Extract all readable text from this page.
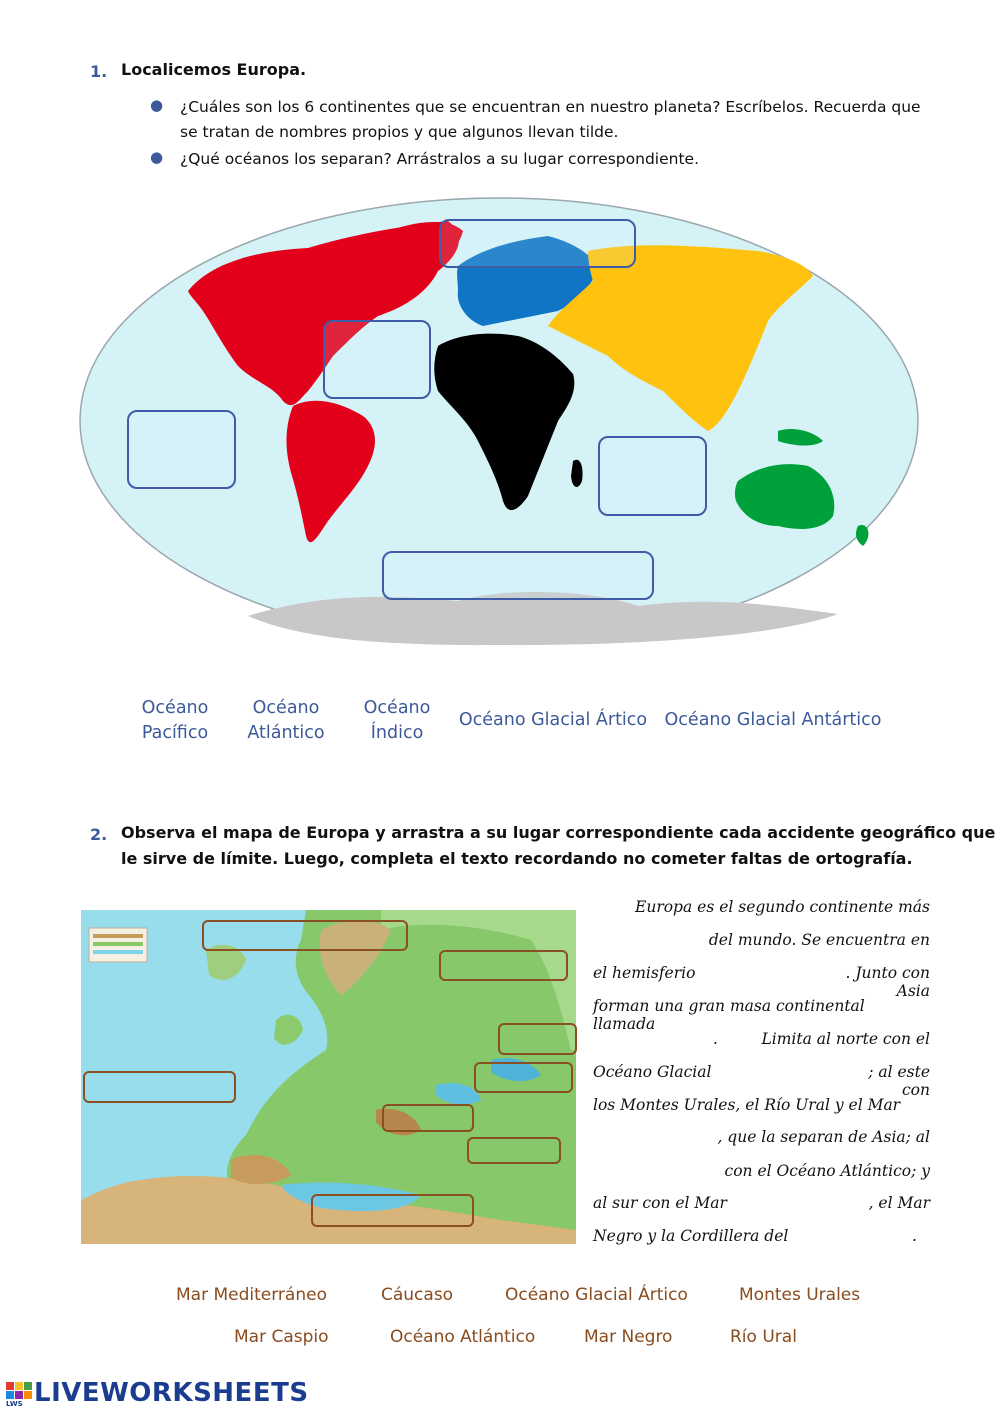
1. Localicemos Europa.
● ¿Cuáles son los 6 continentes que se encuentran en nuestro planeta? Escríbelos. Recuerda que
se tratan de nombres propios y que algunos llevan tilde.
● ¿Qué océanos los separan? Arrástralos a su lugar correspondiente.
Océano
Pacífico
Océano
Atlántico
Océano
Índico
Océano Glacial Ártico Océano Glacial Antártico
2. Observa el mapa de Europa y arrastra a su lugar correspondiente cada accidente geográfico que
le sirve de límite. Luego, completa el texto recordando no cometer faltas de ortografía.
Europa es el segundo continente más
del mundo. Se encuentra en
el hemisferio	. Junto con Asia
forman una gran masa continental llamada
.	Limita al norte con el
Océano Glacial	; al este con
los Montes Urales, el Río Ural y el Mar
, que la separan de Asia; al
con el Océano Atlántico; y
al sur con el Mar	, el Mar
Negro y la Cordillera del	.
Mar Mediterráneo	Cáucaso	Océano Glacial Ártico	Montes Urales
Mar Caspio	Océano Atlántico	Mar Negro	Río Ural
LWS LIVEWORKSHEETS
